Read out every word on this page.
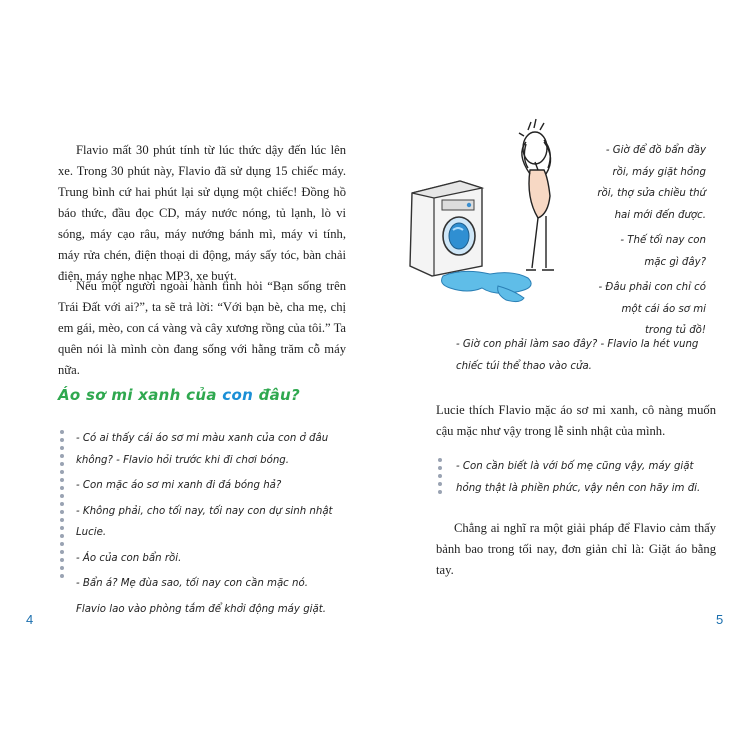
Flavio mất 30 phút tính từ lúc thức dậy đến lúc lên xe. Trong 30 phút này, Flavio đã sử dụng 15 chiếc máy. Trung bình cứ hai phút lại sử dụng một chiếc! Đồng hồ báo thức, đầu đọc CD, máy nước nóng, tủ lạnh, lò vi sóng, máy cạo râu, máy nướng bánh mì, máy vi tính, máy rửa chén, điện thoại di động, máy sấy tóc, bàn chải điện, máy nghe nhạc MP3, xe buýt.

Nếu một người ngoài hành tinh hỏi “Bạn sống trên Trái Đất với ai?”, ta sẽ trả lời: “Với bạn bè, cha mẹ, chị em gái, mèo, con cá vàng và cây xương rồng của tôi.” Ta quên nói là mình còn đang sống với hằng trăm cỗ máy nữa.

Áo sơ mi xanh của con đâu?

- Có ai thấy cái áo sơ mi màu xanh của con ở đâu không? - Flavio hỏi trước khi đi chơi bóng.

- Con mặc áo sơ mi xanh đi đá bóng hả?

- Không phải, cho tối nay, tối nay con dự sinh nhật Lucie.

- Áo của con bẩn rồi.

- Bẩn á? Mẹ đùa sao, tối nay con cần mặc nó.

Flavio lao vào phòng tắm để khởi động máy giặt.

4

- Giờ để đồ bẩn đầy rồi, máy giặt hỏng rồi, thợ sửa chiều thứ hai mới đến được.

- Thế tối nay con mặc gì đây?

- Đâu phải con chỉ có một cái áo sơ mi trong tủ đồ!

- Giờ con phải làm sao đây? - Flavio la hét vung chiếc túi thể thao vào cửa.

Lucie thích Flavio mặc áo sơ mi xanh, cô nàng muốn cậu mặc như vậy trong lễ sinh nhật của mình.

- Con cần biết là với bố mẹ cũng vậy, máy giặt hỏng thật là phiền phức, vậy nên con hãy im đi.

Chẳng ai nghĩ ra một giải pháp để Flavio cảm thấy bảnh bao trong tối nay, đơn giản chỉ là: Giặt áo bằng tay.

5
